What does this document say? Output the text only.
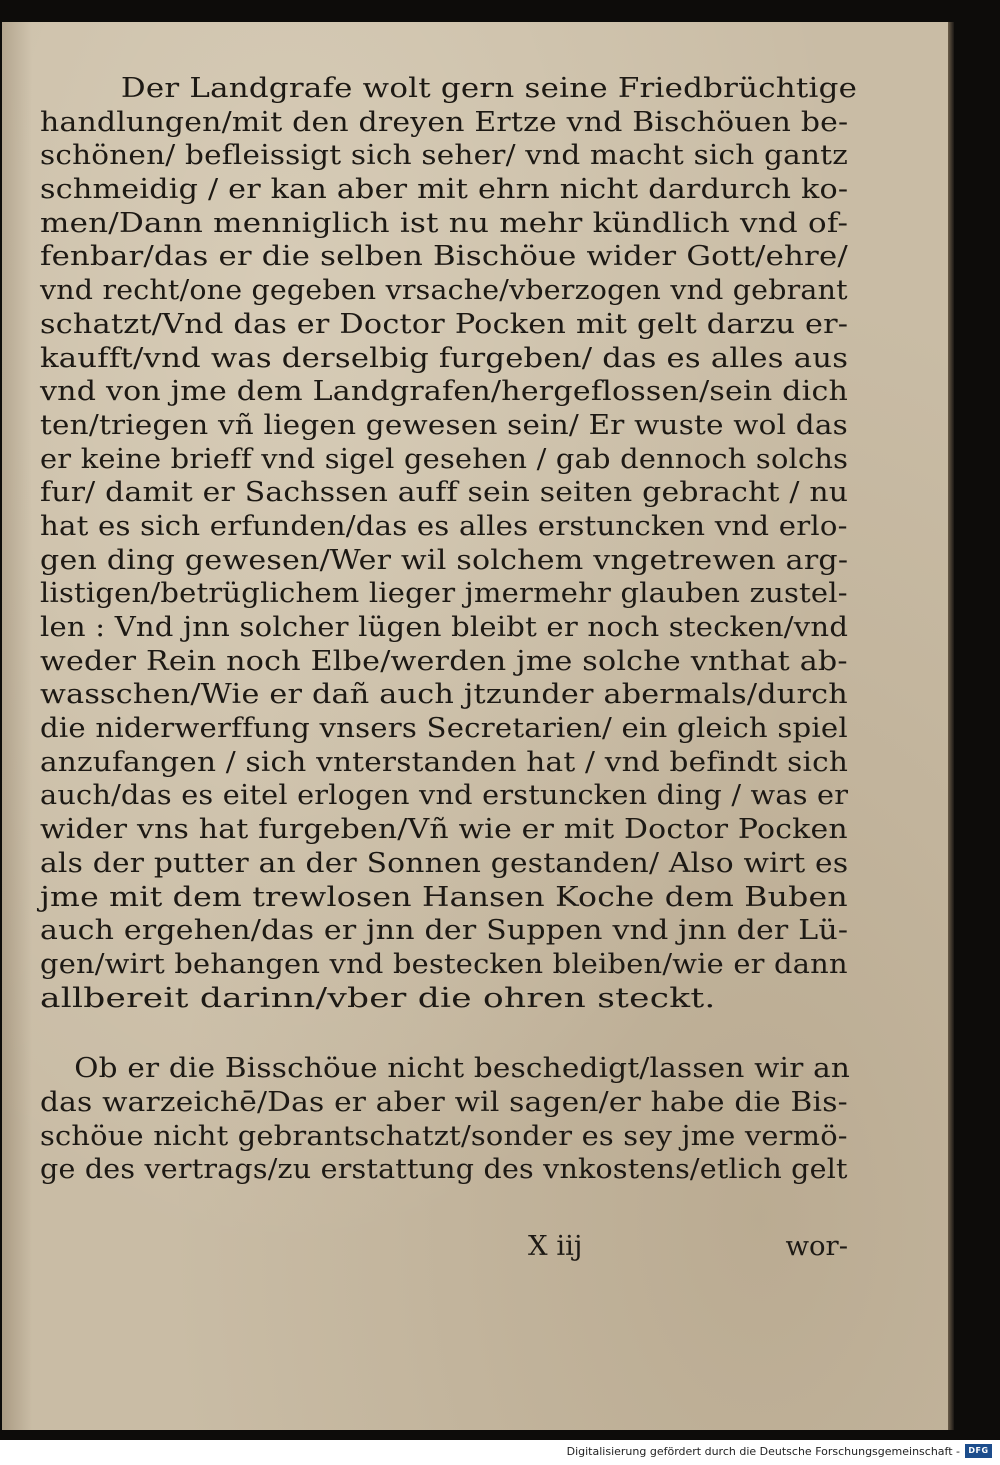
Der Landgrafe wolt gern seine Friedbrüchtige
handlungen/mit den dreyen Ertze vnd Bischöuen be-
schönen/ befleissigt sich seher/ vnd macht sich gantz
schmeidig / er kan aber mit ehrn nicht dardurch ko-
men/Dann menniglich ist nu mehr kündlich vnd of-
fenbar/das er die selben Bischöue wider Gott/ehre/
vnd recht/one gegeben vrsache/vberzogen vnd gebrant
schatzt/Vnd das er Doctor Pocken mit gelt darzu er-
kaufft/vnd was derselbig furgeben/ das es alles aus
vnd von jme dem Landgrafen/hergeflossen/sein dich
ten/triegen vñ liegen gewesen sein/ Er wuste wol das
er keine brieff vnd sigel gesehen / gab dennoch solchs
fur/ damit er Sachssen auff sein seiten gebracht / nu
hat es sich erfunden/das es alles erstuncken vnd erlo-
gen ding gewesen/Wer wil solchem vngetrewen arg-
listigen/betrüglichem lieger jmermehr glauben zustel-
len : Vnd jnn solcher lügen bleibt er noch stecken/vnd
weder Rein noch Elbe/werden jme solche vnthat ab-
wasschen/Wie er dañ auch jtzunder abermals/durch
die niderwerffung vnsers Secretarien/ ein gleich spiel
anzufangen / sich vnterstanden hat / vnd befindt sich
auch/das es eitel erlogen vnd erstuncken ding / was er
wider vns hat furgeben/Vñ wie er mit Doctor Pocken
als der putter an der Sonnen gestanden/ Also wirt es
jme mit dem trewlosen Hansen Koche dem Buben
auch ergehen/das er jnn der Suppen vnd jnn der Lü-
gen/wirt behangen vnd bestecken bleiben/wie er dann
allbereit darinn/vber die ohren steckt.
Ob er die Bisschöue nicht beschedigt/lassen wir an
das warzeichē/Das er aber wil sagen/er habe die Bis-
schöue nicht gebrantschatzt/sonder es sey jme vermö-
ge des vertrags/zu erstattung des vnkostens/etlich gelt
X iij	wor-
Digitalisierung gefördert durch die Deutsche Forschungsgemeinschaft -	DFG
